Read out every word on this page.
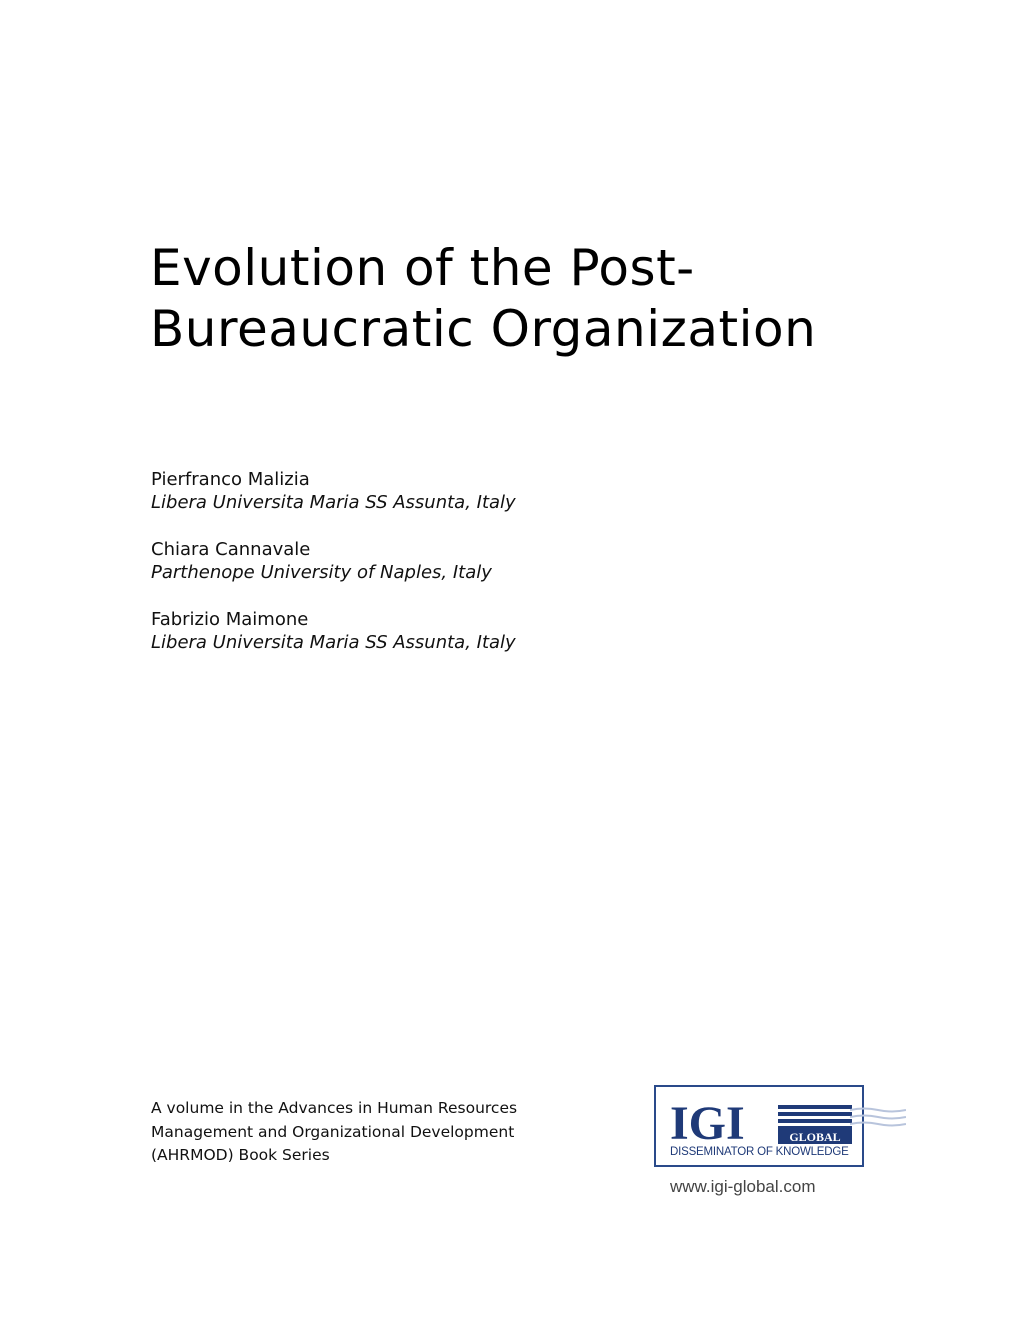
Evolution of the Post-
Bureaucratic Organization
Pierfranco Malizia
Libera Universita Maria SS Assunta, Italy
Chiara Cannavale
Parthenope University of Naples, Italy
Fabrizio Maimone
Libera Universita Maria SS Assunta, Italy
A volume in the Advances in Human Resources
Management and Organizational Development
(AHRMOD) Book Series
IGI	GLOBAL
DISSEMINATOR OF KNOWLEDGE
www.igi-global.com
